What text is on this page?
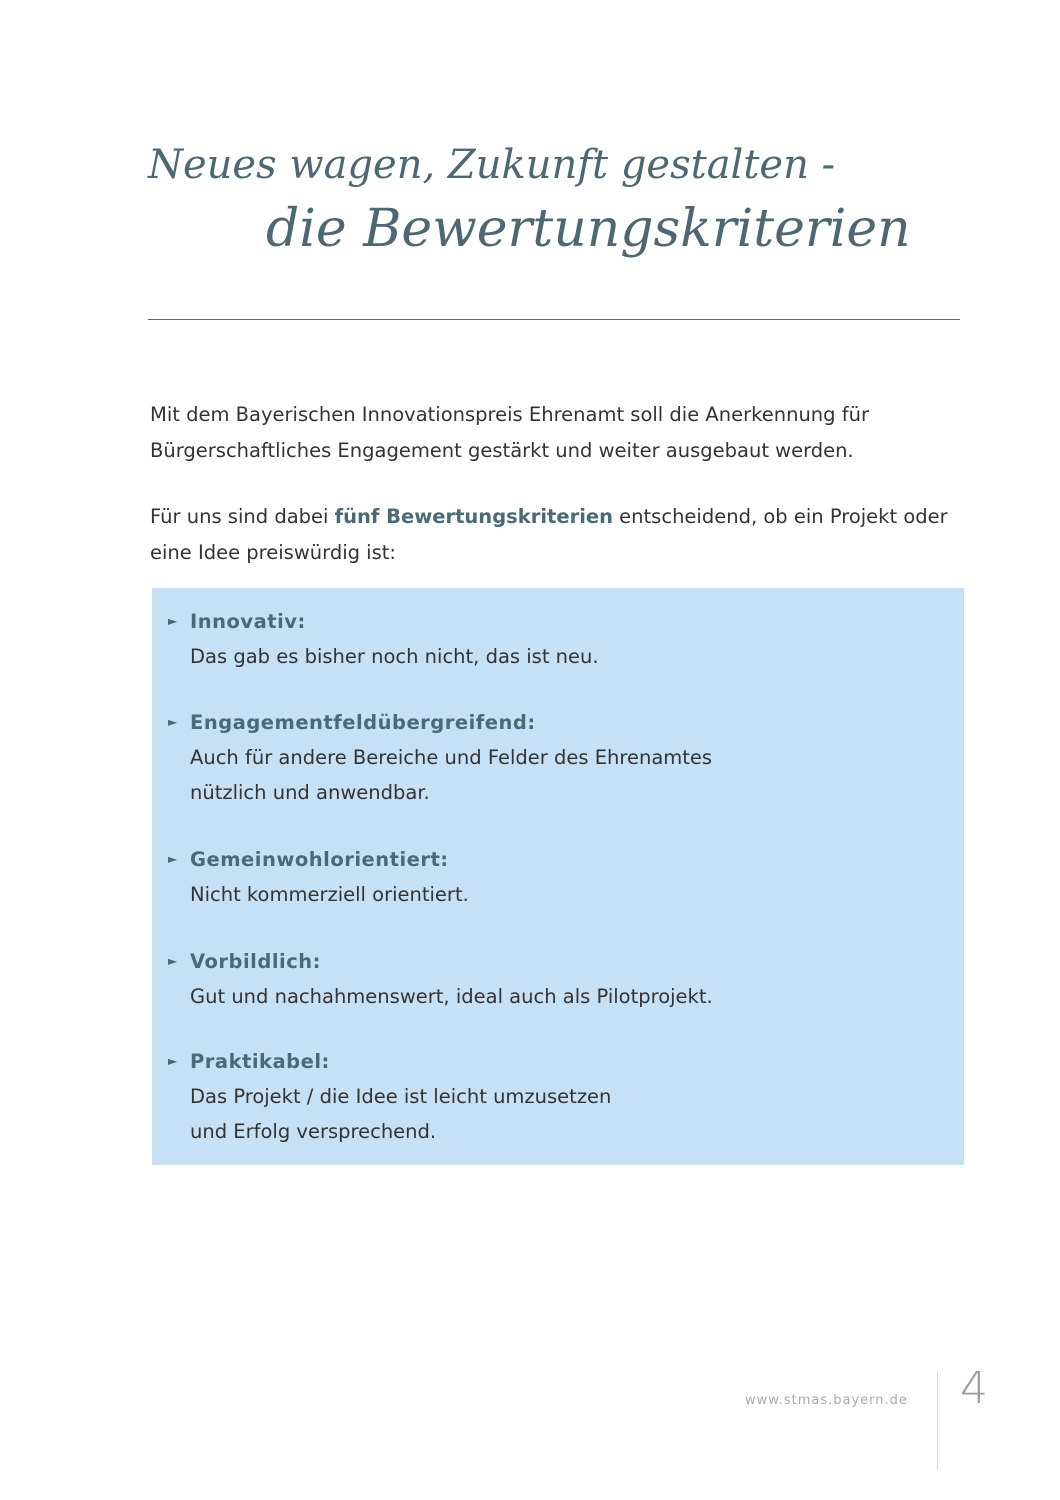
Neues wagen, Zukunft gestalten -
die Bewertungskriterien

Mit dem Bayerischen Innovationspreis Ehrenamt soll die Anerkennung für Bürgerschaftliches Engagement gestärkt und weiter ausgebaut werden.

Für uns sind dabei fünf Bewertungskriterien entscheidend, ob ein Projekt oder eine Idee preiswürdig ist:

► Innovativ:
Das gab es bisher noch nicht, das ist neu.
► Engagementfeldübergreifend:
Auch für andere Bereiche und Felder des Ehrenamtes
nützlich und anwendbar.
► Gemeinwohlorientiert:
Nicht kommerziell orientiert.
► Vorbildlich:
Gut und nachahmenswert, ideal auch als Pilotprojekt.
► Praktikabel:
Das Projekt / die Idee ist leicht umzusetzen
und Erfolg versprechend.
www.stmas.bayern.de 4
